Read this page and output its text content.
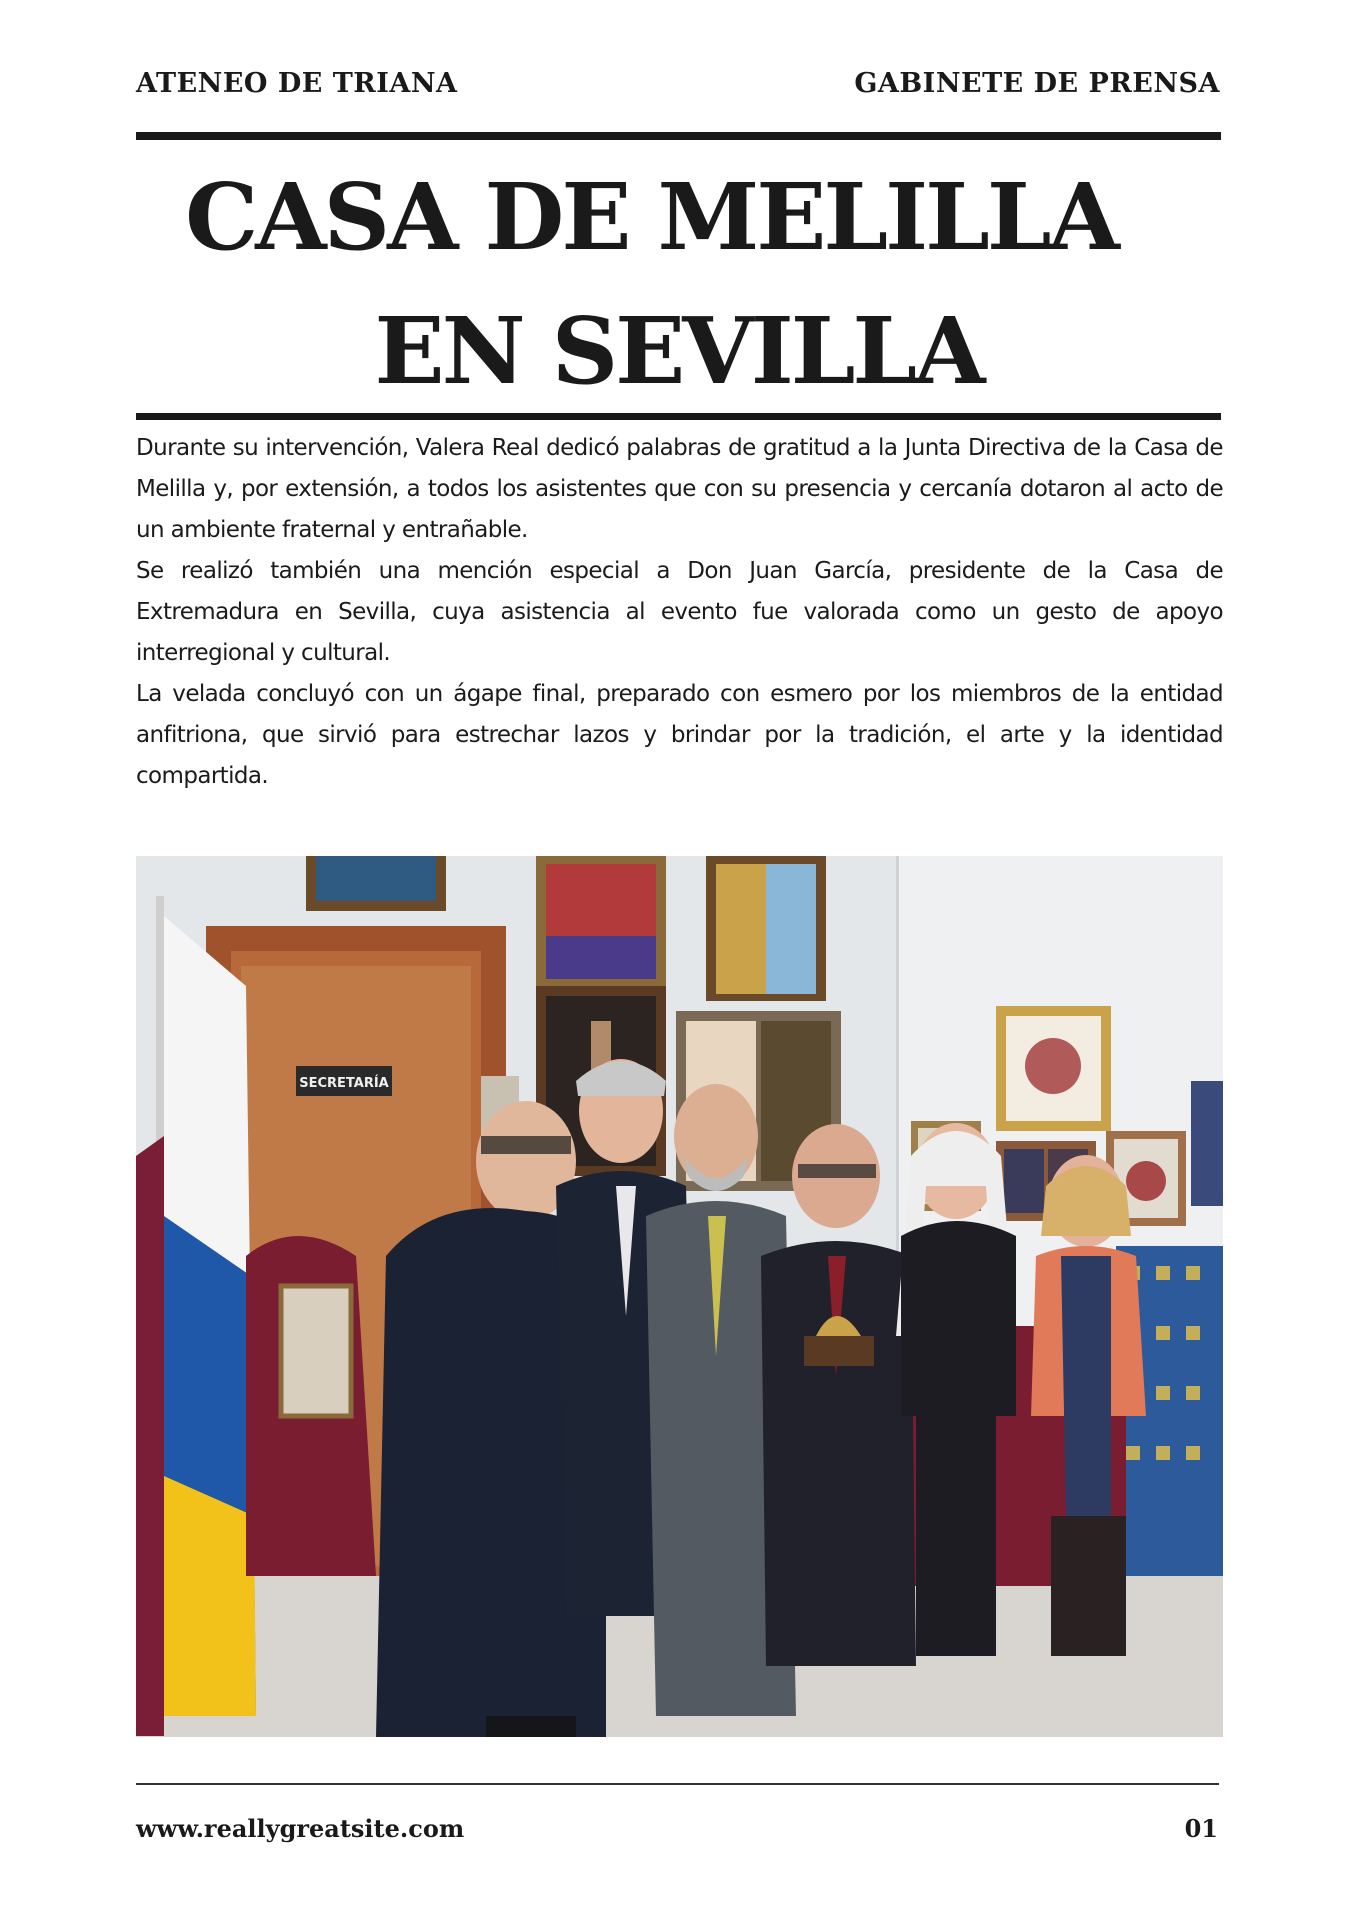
ATENEO DE TRIANA	GABINETE DE PRENSA
CASA DE MELILLA
EN SEVILLA

Durante su intervención, Valera Real dedicó palabras de gratitud a la Junta Directiva de la Casa de Melilla y, por extensión, a todos los asistentes que con su presencia y cercanía dotaron al acto de un ambiente fraternal y entrañable.

Se realizó también una mención especial a Don Juan García, presidente de la Casa de Extremadura en Sevilla, cuya asistencia al evento fue valorada como un gesto de apoyo interregional y cultural.

La velada concluyó con un ágape final, preparado con esmero por los miembros de la entidad anfitriona, que sirvió para estrechar lazos y brindar por la tradición, el arte y la identidad compartida.

SECRETARÍA
www.reallygreatsite.com	01
